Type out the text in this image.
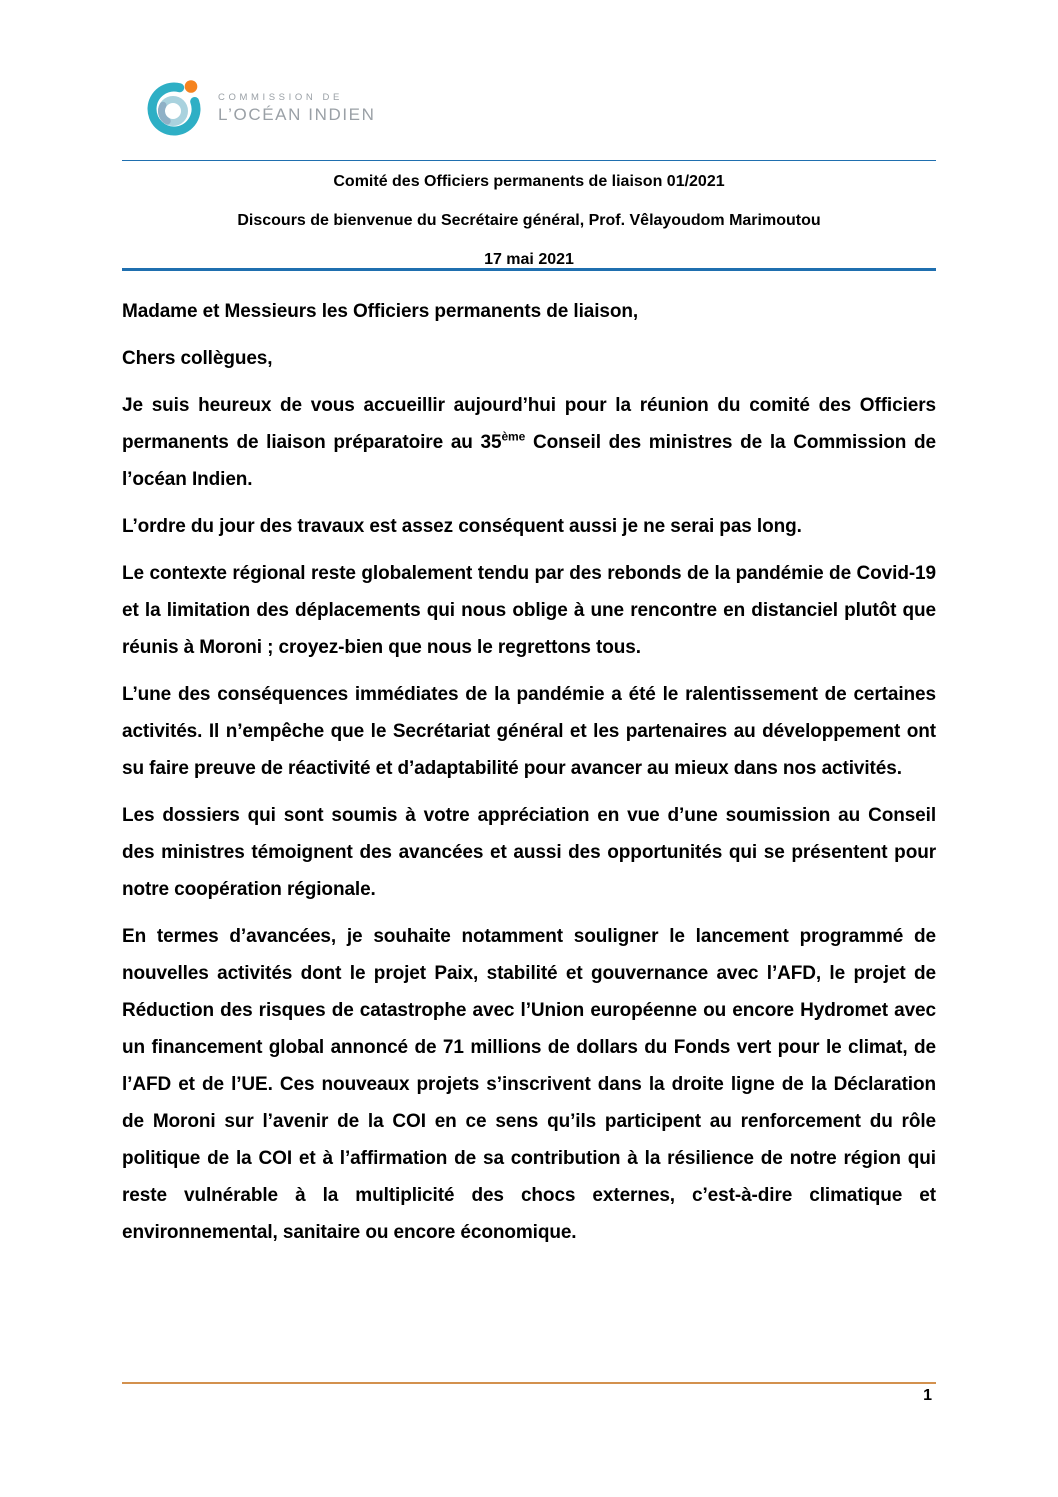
COMMISSION DE
L’OCÉAN INDIEN

Comité des Officiers permanents de liaison 01/2021

Discours de bienvenue du Secrétaire général, Prof. Vêlayoudom Marimoutou

17 mai 2021

Madame et Messieurs les Officiers permanents de liaison,

Chers collègues,

Je suis heureux de vous accueillir aujourd’hui pour la réunion du comité des Officiers permanents de liaison préparatoire au 35ème Conseil des ministres de la Commission de l’océan Indien.

L’ordre du jour des travaux est assez conséquent aussi je ne serai pas long.

Le contexte régional reste globalement tendu par des rebonds de la pandémie de Covid-19 et la limitation des déplacements qui nous oblige à une rencontre en distanciel plutôt que réunis à Moroni ; croyez-bien que nous le regrettons tous.

L’une des conséquences immédiates de la pandémie a été le ralentissement de certaines activités. Il n’empêche que le Secrétariat général et les partenaires au développement ont su faire preuve de réactivité et d’adaptabilité pour avancer au mieux dans nos activités.

Les dossiers qui sont soumis à votre appréciation en vue d’une soumission au Conseil des ministres témoignent des avancées et aussi des opportunités qui se présentent pour notre coopération régionale.

En termes d’avancées, je souhaite notamment souligner le lancement programmé de nouvelles activités dont le projet Paix, stabilité et gouvernance avec l’AFD, le projet de Réduction des risques de catastrophe avec l’Union européenne ou encore Hydromet avec un financement global annoncé de 71 millions de dollars du Fonds vert pour le climat, de l’AFD et de l’UE. Ces nouveaux projets s’inscrivent dans la droite ligne de la Déclaration de Moroni sur l’avenir de la COI en ce sens qu’ils participent au renforcement du rôle politique de la COI et à l’affirmation de sa contribution à la résilience de notre région qui reste vulnérable à la multiplicité des chocs externes, c’est-à-dire climatique et environnemental, sanitaire ou encore économique.

1
